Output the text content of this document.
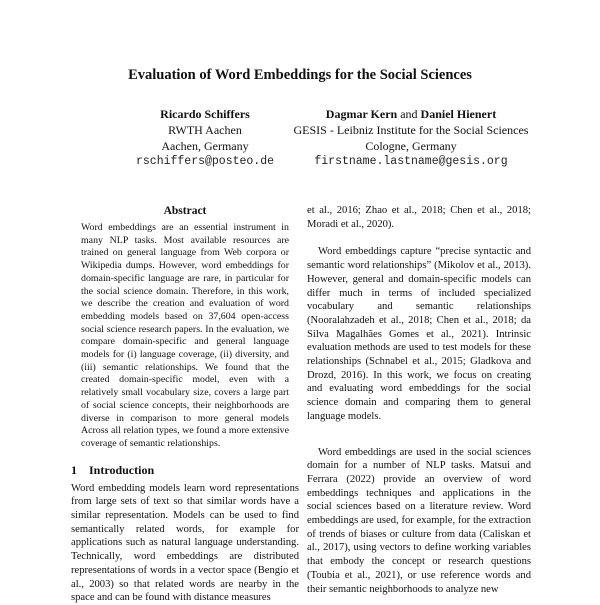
Evaluation of Word Embeddings for the Social Sciences
Ricardo Schiffers
RWTH Aachen
Aachen, Germany
rschiffers@posteo.de
Dagmar Kern and Daniel Hienert
GESIS - Leibniz Institute for the Social Sciences
Cologne, Germany
firstname.lastname@gesis.org
Abstract

Word embeddings are an essential instrument in many NLP tasks. Most available resources are trained on general language from Web corpora or Wikipedia dumps. However, word embeddings for domain-specific language are rare, in particular for the social science domain. Therefore, in this work, we describe the creation and evaluation of word embedding models based on 37,604 open-access social science research papers. In the evaluation, we compare domain-specific and general language models for (i) language coverage, (ii) diversity, and (iii) semantic relationships. We found that the created domain-specific model, even with a relatively small vocabulary size, covers a large part of social science concepts, their neighborhoods are diverse in comparison to more general models Across all relation types, we found a more extensive coverage of semantic relationships.

1 Introduction

Word embedding models learn word representations from large sets of text so that similar words have a similar representation. Models can be used to find semantically related words, for example for applications such as natural language understanding. Technically, word embeddings are distributed representations of words in a vector space (Bengio et al., 2003) so that related words are nearby in the space and can be found with distance measures

et al., 2016; Zhao et al., 2018; Chen et al., 2018; Moradi et al., 2020).

Word embeddings capture “precise syntactic and semantic word relationships” (Mikolov et al., 2013). However, general and domain-specific models can differ much in terms of included specialized vocabulary and semantic relationships (Nooralahzadeh et al., 2018; Chen et al., 2018; da Silva Magalhães Gomes et al., 2021). Intrinsic evaluation methods are used to test models for these relationships (Schnabel et al., 2015; Gladkova and Drozd, 2016). In this work, we focus on creating and evaluating word embeddings for the social science domain and comparing them to general language models.

Word embeddings are used in the social sciences domain for a number of NLP tasks. Matsui and Ferrara (2022) provide an overview of word embeddings techniques and applications in the social sciences based on a literature review. Word embeddings are used, for example, for the extraction of trends of biases or culture from data (Caliskan et al., 2017), using vectors to define working variables that embody the concept or research questions (Toubia et al., 2021), or use reference words and their semantic neighborhoods to analyze new
